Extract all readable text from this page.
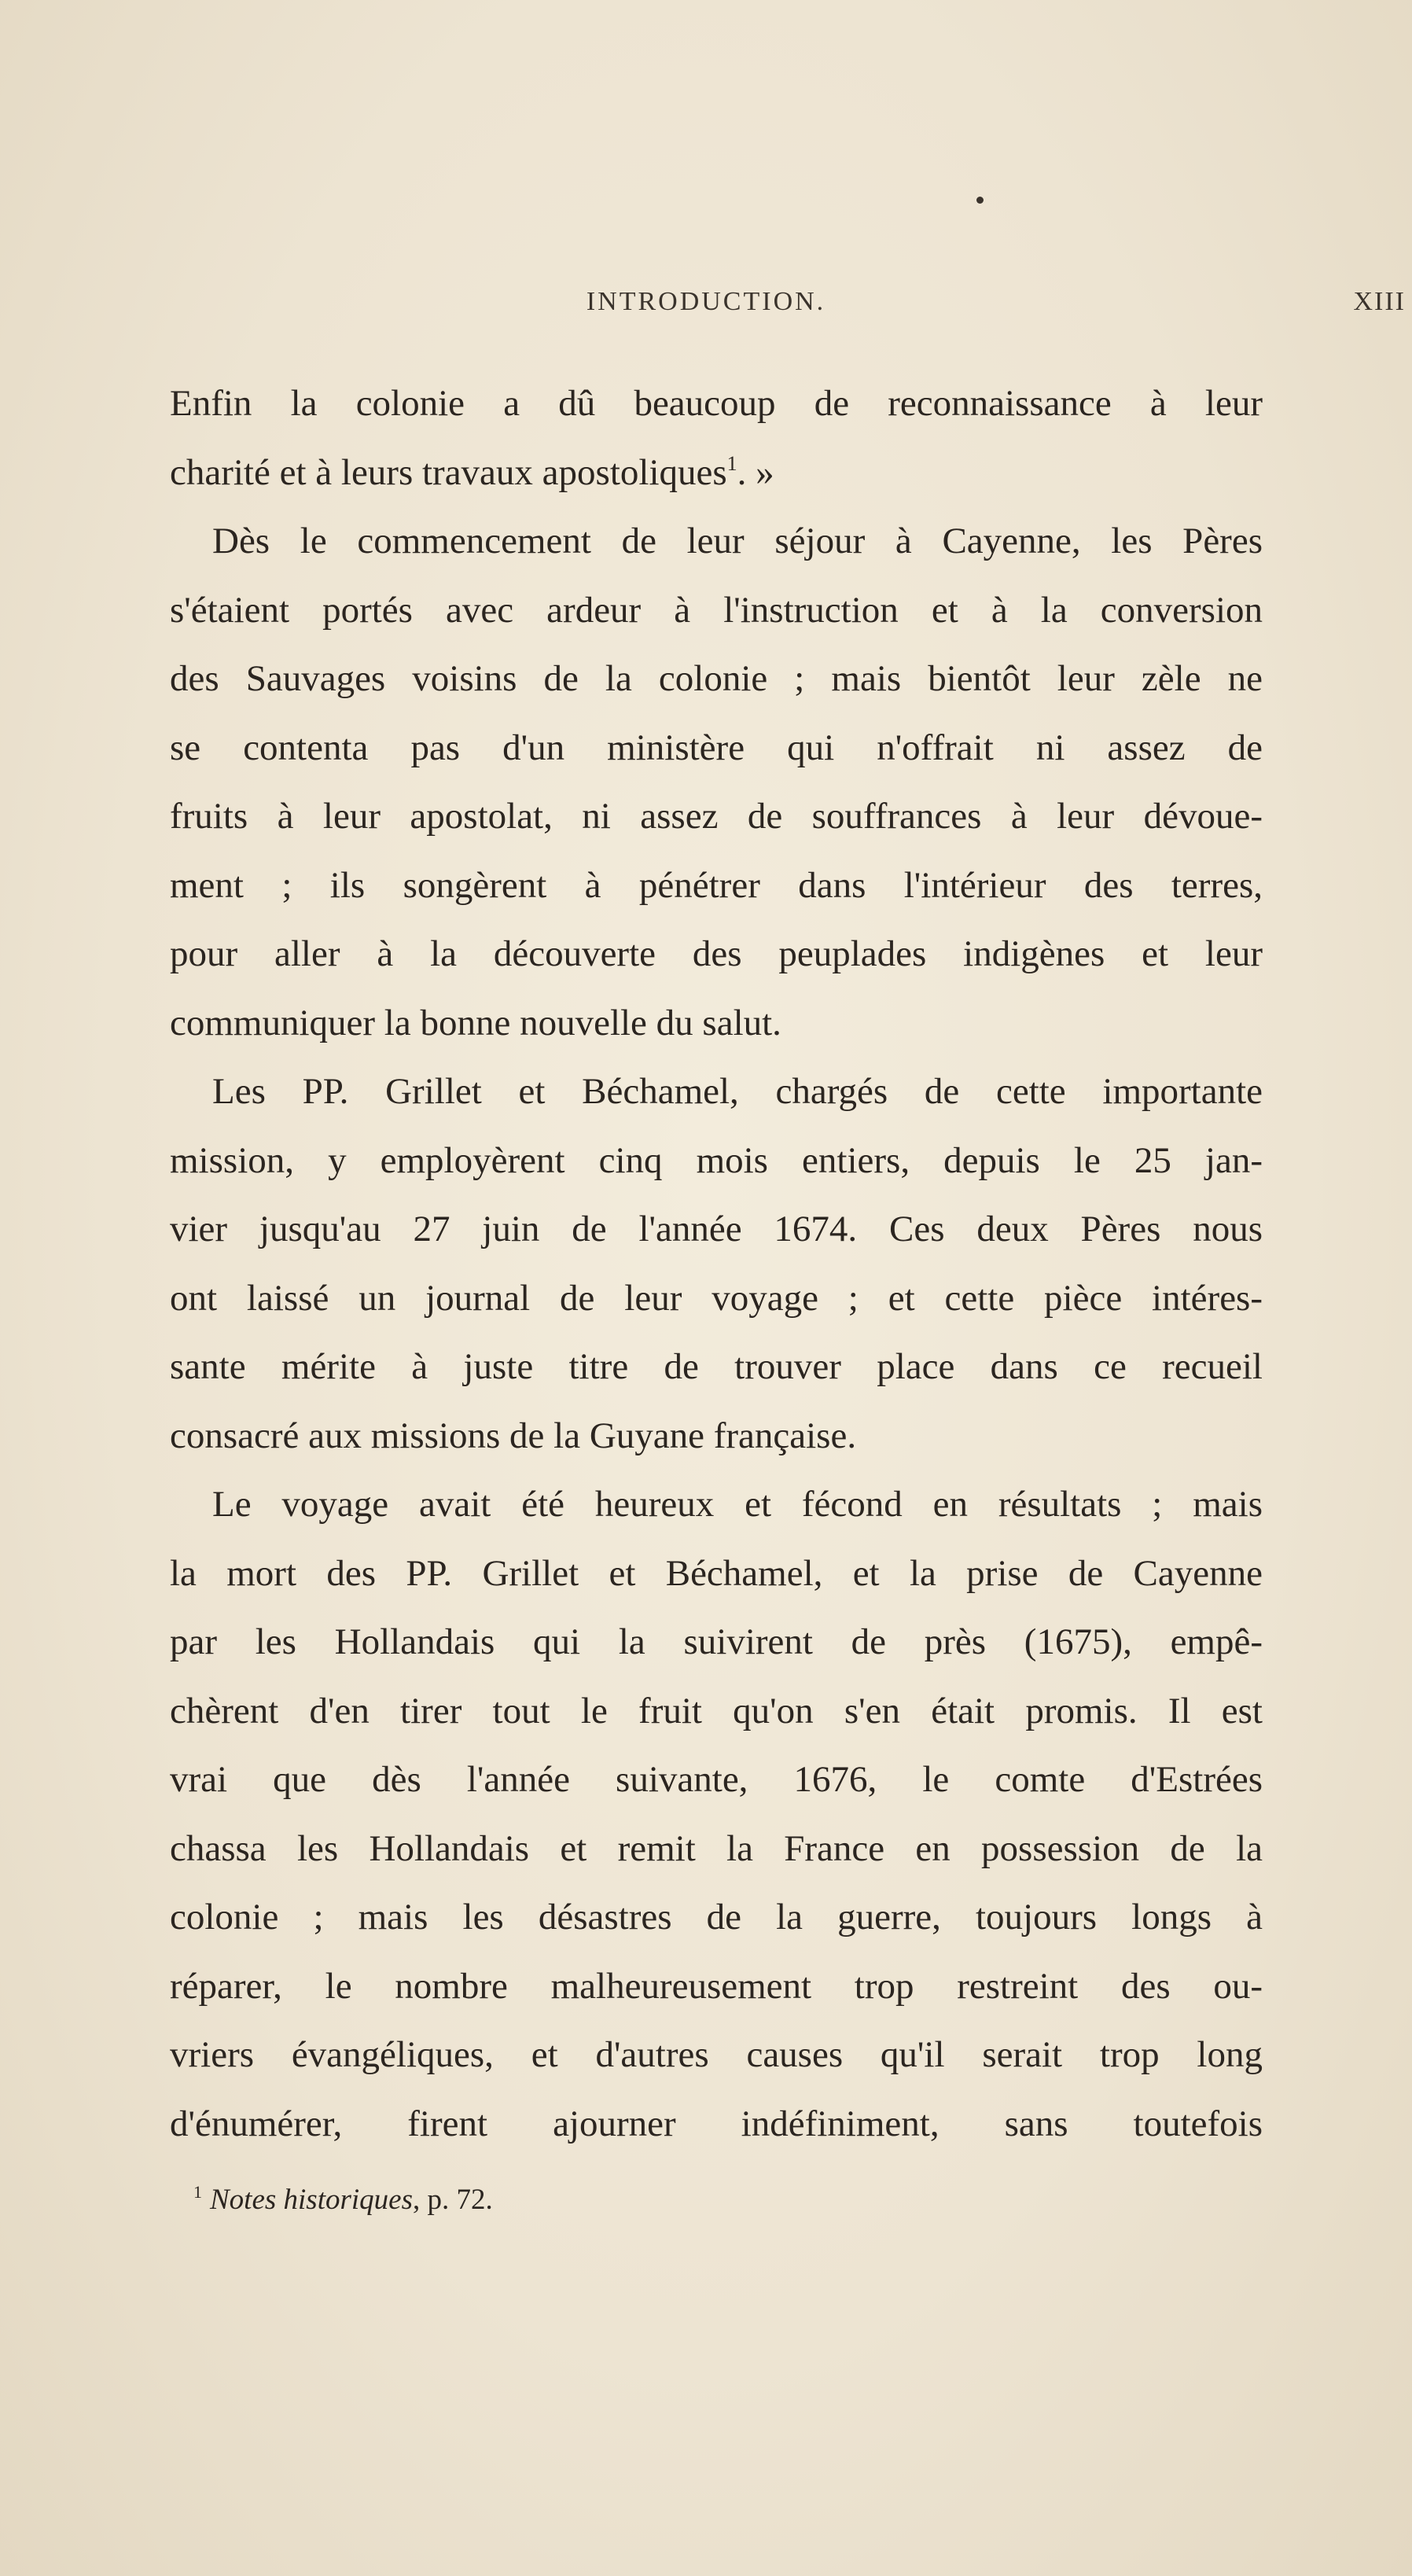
INTRODUCTION.	XIII
Enfin la colonie a dû beaucoup de reconnaissance à leur
charité et à leurs travaux apostoliques$^1$. »
Dès le commencement de leur séjour à Cayenne, les Pères
s'étaient portés avec ardeur à l'instruction et à la conversion
des Sauvages voisins de la colonie ; mais bientôt leur zèle ne
se contenta pas d'un ministère qui n'offrait ni assez de
fruits à leur apostolat, ni assez de souffrances à leur dévoue-
ment ; ils songèrent à pénétrer dans l'intérieur des terres,
pour aller à la découverte des peuplades indigènes et leur
communiquer la bonne nouvelle du salut.
Les PP. Grillet et Béchamel, chargés de cette importante
mission, y employèrent cinq mois entiers, depuis le 25 jan-
vier jusqu'au 27 juin de l'année 1674. Ces deux Pères nous
ont laissé un journal de leur voyage ; et cette pièce intéres-
sante mérite à juste titre de trouver place dans ce recueil
consacré aux missions de la Guyane française.
Le voyage avait été heureux et fécond en résultats ; mais
la mort des PP. Grillet et Béchamel, et la prise de Cayenne
par les Hollandais qui la suivirent de près (1675), empê-
chèrent d'en tirer tout le fruit qu'on s'en était promis. Il est
vrai que dès l'année suivante, 1676, le comte d'Estrées
chassa les Hollandais et remit la France en possession de la
colonie ; mais les désastres de la guerre, toujours longs à
réparer, le nombre malheureusement trop restreint des ou-
vriers évangéliques, et d'autres causes qu'il serait trop long
d'énumérer, firent ajourner indéfiniment, sans toutefois
$^1$ Notes historiques, p. 72.
